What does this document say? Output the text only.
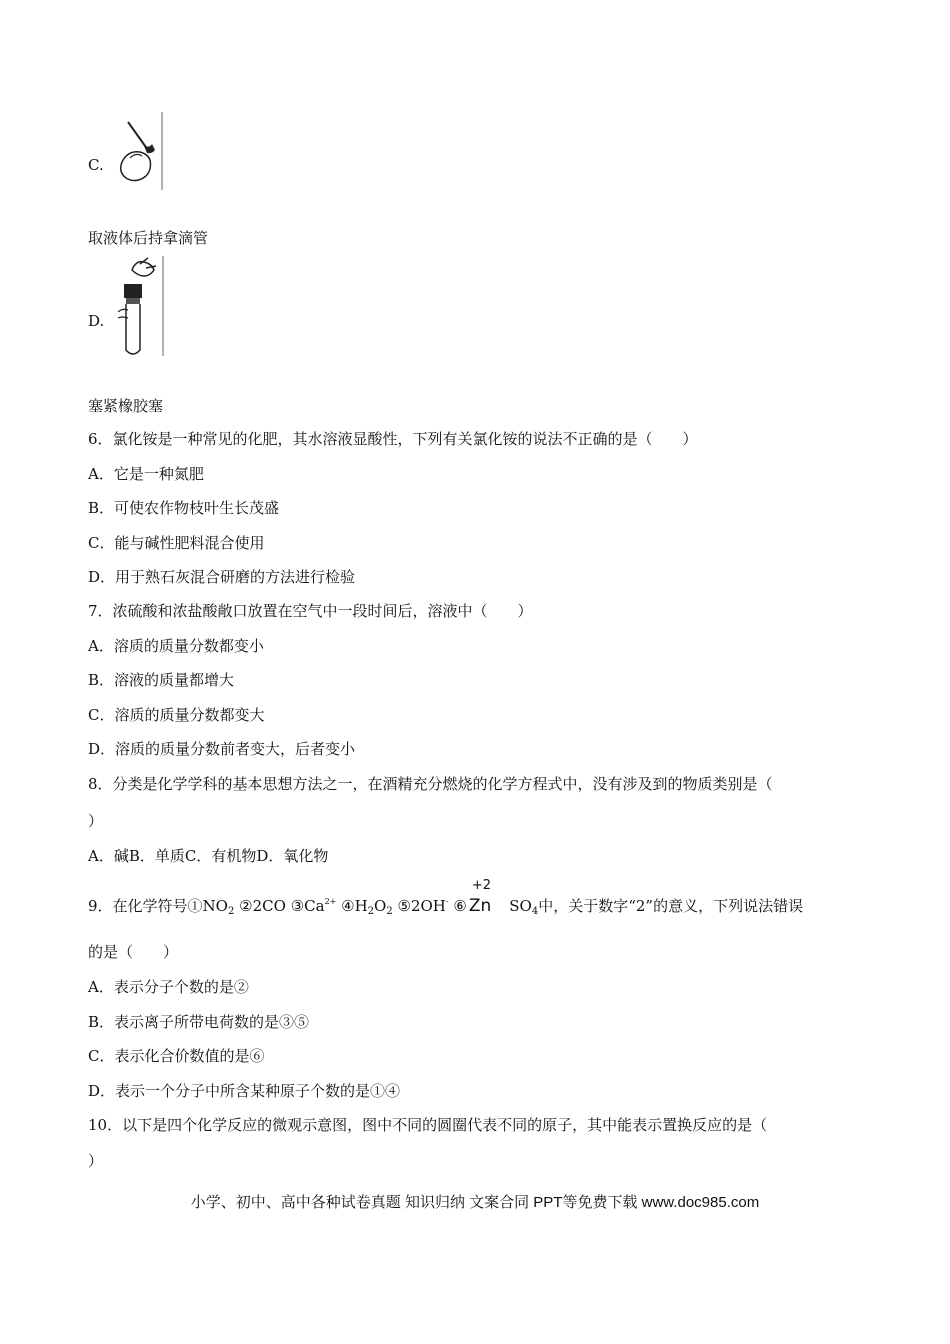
C.
取液体后持拿滴管
D.
塞紧橡胶塞
6．氯化铵是一种常见的化肥，其水溶液显酸性，下列有关氯化铵的说法不正确的是（　　）
A．它是一种氮肥
B．可使农作物枝叶生长茂盛
C．能与碱性肥料混合使用
D．用于熟石灰混合研磨的方法进行检验
7．浓硫酸和浓盐酸敞口放置在空气中一段时间后，溶液中（　　）
A．溶质的质量分数都变小
B．溶液的质量都增大
C．溶质的质量分数都变大
D．溶质的质量分数前者变大，后者变小
8．分类是化学学科的基本思想方法之一，在酒精充分燃烧的化学方程式中，没有涉及到的物质类别是（
）
A．碱B．单质C．有机物D．氧化物
9．在化学符号$①NO_2$ ②2CO $③Ca^{2+}$ $④H_2O_2$ ⑤2OH- ⑥
+2
Zn $SO_4$中，关于数字“2”的意义，下列说法错误
的是（　　）
A．表示分子个数的是②
B．表示离子所带电荷数的是③⑤
C．表示化合价数值的是⑥
D．表示一个分子中所含某种原子个数的是①④
10．以下是四个化学反应的微观示意图，图中不同的圆圈代表不同的原子，其中能表示置换反应的是（
）
小学、初中、高中各种试卷真题 知识归纳 文案合同 PPT等免费下载 www.doc985.com
